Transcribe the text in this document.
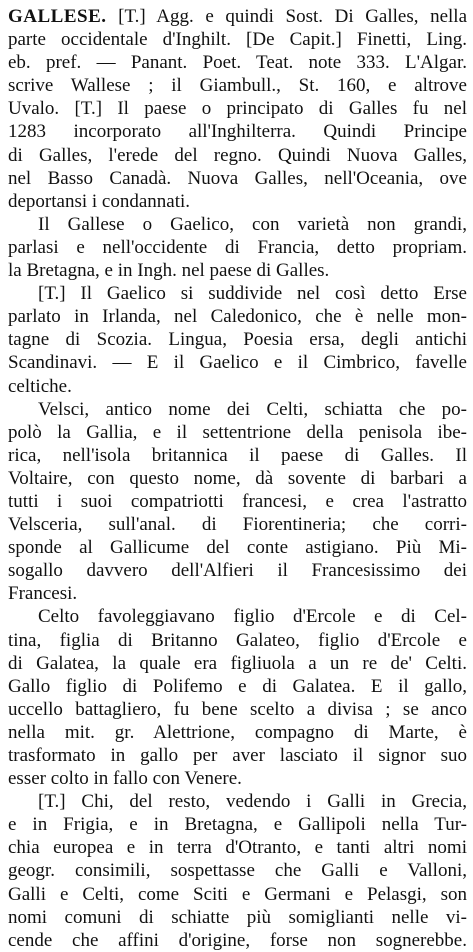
GALLESE. [T.] Agg. e quindi Sost. Di Galles, nella
parte occidentale d'Inghilt. [De Capit.] Finetti, Ling.
eb. pref. — Panant. Poet. Teat. note 333. L'Algar.
scrive Wallese ; il Giambull., St. 160, e altrove
Uvalo. [T.] Il paese o principato di Galles fu nel
1283 incorporato all'Inghilterra. Quindi Principe
di Galles, l'erede del regno. Quindi Nuova Galles,
nel Basso Canadà. Nuova Galles, nell'Oceania, ove
deportansi i condannati.
Il Gallese o Gaelico, con varietà non grandi,
parlasi e nell'occidente di Francia, detto propriam.
la Bretagna, e in Ingh. nel paese di Galles.
[T.] Il Gaelico si suddivide nel così detto Erse
parlato in Irlanda, nel Caledonico, che è nelle mon-
tagne di Scozia. Lingua, Poesia ersa, degli antichi
Scandinavi. — E il Gaelico e il Cimbrico, favelle
celtiche.
Velsci, antico nome dei Celti, schiatta che po-
polò la Gallia, e il settentrione della penisola ibe-
rica, nell'isola britannica il paese di Galles. Il
Voltaire, con questo nome, dà sovente di barbari a
tutti i suoi compatriotti francesi, e crea l'astratto
Velsceria, sull'anal. di Fiorentineria; che corri-
sponde al Gallicume del conte astigiano. Più Mi-
sogallo davvero dell'Alfieri il Francesissimo dei
Francesi.
Celto favoleggiavano figlio d'Ercole e di Cel-
tina, figlia di Britanno Galateo, figlio d'Ercole e
di Galatea, la quale era figliuola a un re de' Celti.
Gallo figlio di Polifemo e di Galatea. E il gallo,
uccello battagliero, fu bene scelto a divisa ; se anco
nella mit. gr. Alettrione, compagno di Marte, è
trasformato in gallo per aver lasciato il signor suo
esser colto in fallo con Venere.
[T.] Chi, del resto, vedendo i Galli in Grecia,
e in Frigia, e in Bretagna, e Gallipoli nella Tur-
chia europea e in terra d'Otranto, e tanti altri nomi
geogr. consimili, sospettasse che Galli e Valloni,
Galli e Celti, come Sciti e Germani e Pelasgi, son
nomi comuni di schiatte più somiglianti nelle vi-
cende che affini d'origine, forse non sognerebbe.
